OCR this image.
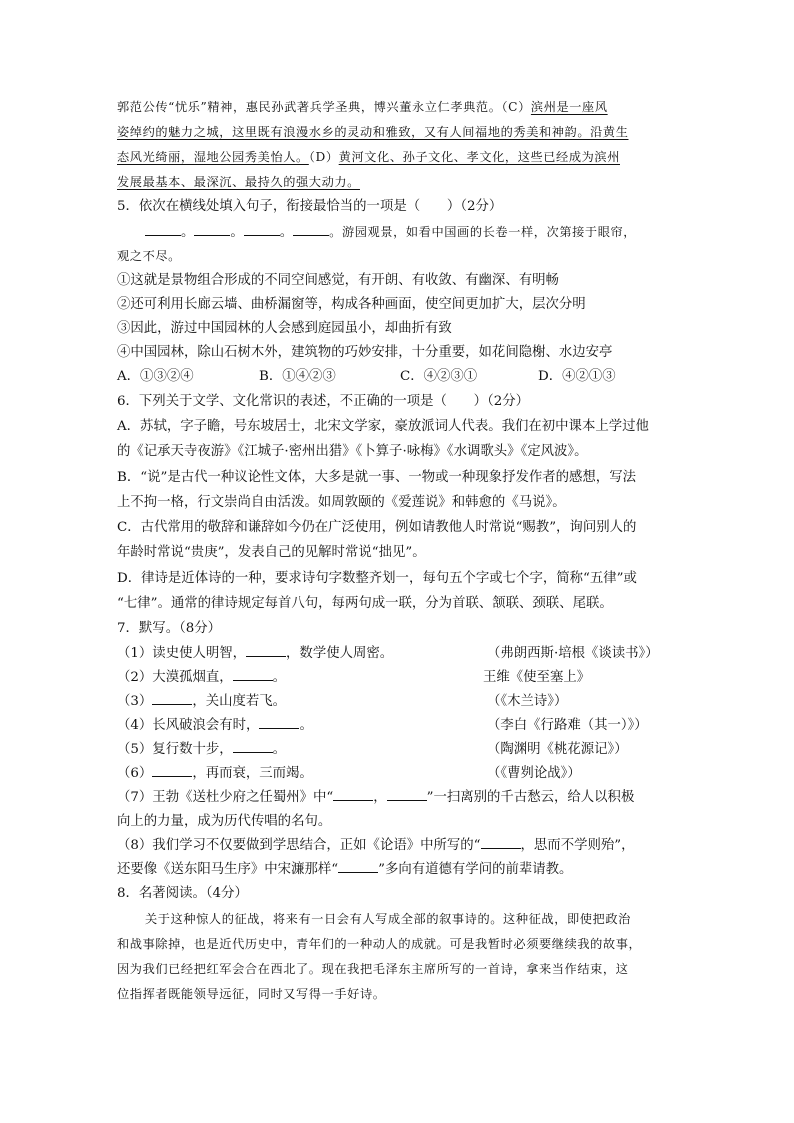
郭范公传“忧乐”精神，惠民孙武著兵学圣典，博兴董永立仁孝典范。（C）滨州是一座风
姿绰约的魅力之城，这里既有浪漫水乡的灵动和雅致，又有人间福地的秀美和神韵。沿黄生
态风光绮丽，湿地公园秀美怡人。（D）黄河文化、孙子文化、孝文化，这些已经成为滨州
发展最基本、最深沉、最持久的强大动力。
5．依次在横线处填入句子，衔接最恰当的一项是（　　）（2分）
。	。	。	。游园观景，如看中国画的长卷一样，次第接于眼帘，
观之不尽。
①这就是景物组合形成的不同空间感觉，有开朗、有收敛、有幽深、有明畅
②还可利用长廊云墙、曲桥漏窗等，构成各种画面，使空间更加扩大，层次分明
③因此，游过中国园林的人会感到庭园虽小，却曲折有致
④中国园林，除山石树木外，建筑物的巧妙安排，十分重要，如花间隐榭、水边安亭
A．①③②④	B．①④②③	C．④②③①	D．④②①③
6．下列关于文学、文化常识的表述，不正确的一项是（　　）（2分）
A．苏轼，字子瞻，号东坡居士，北宋文学家，豪放派词人代表。我们在初中课本上学过他
的《记承天寺夜游》《江城子·密州出猎》《卜算子·咏梅》《水调歌头》《定风波》。
B．“说”是古代一种议论性文体，大多是就一事、一物或一种现象抒发作者的感想，写法
上不拘一格，行文崇尚自由活泼。如周敦颐的《爱莲说》和韩愈的《马说》。
C．古代常用的敬辞和谦辞如今仍在广泛使用，例如请教他人时常说“赐教”，询问别人的
年龄时常说“贵庚”，发表自己的见解时常说“拙见”。
D．律诗是近体诗的一种，要求诗句字数整齐划一，每句五个字或七个字，简称“五律”或
“七律”。通常的律诗规定每首八句，每两句成一联，分为首联、颔联、颈联、尾联。
7．默写。（8分）
（1）读史使人明智，	，数学使人周密。	（弗朗西斯·培根《谈读书》）
（2）大漠孤烟直，	。	王维《使至塞上》
（3）	，关山度若飞。	（《木兰诗》）
（4）长风破浪会有时，	。	（李白《行路难（其一）》）
（5）复行数十步，	。	（陶渊明《桃花源记》）
（6）	，再而衰，三而竭。	（《曹刿论战》）
（7）王勃《送杜少府之任蜀州》中“	，	”一扫离别的千古愁云，给人以积极
向上的力量，成为历代传唱的名句。
（8）我们学习不仅要做到学思结合，正如《论语》中所写的“	，思而不学则殆”，
还要像《送东阳马生序》中宋濂那样“	”多向有道德有学问的前辈请教。
8．名著阅读。（4分）
关于这种惊人的征战，将来有一日会有人写成全部的叙事诗的。这种征战，即使把政治
和战事除掉，也是近代历史中，青年们的一种动人的成就。可是我暂时必须要继续我的故事，
因为我们已经把红军会合在西北了。现在我把毛泽东主席所写的一首诗，拿来当作结束，这
位指挥者既能领导远征，同时又写得一手好诗。
